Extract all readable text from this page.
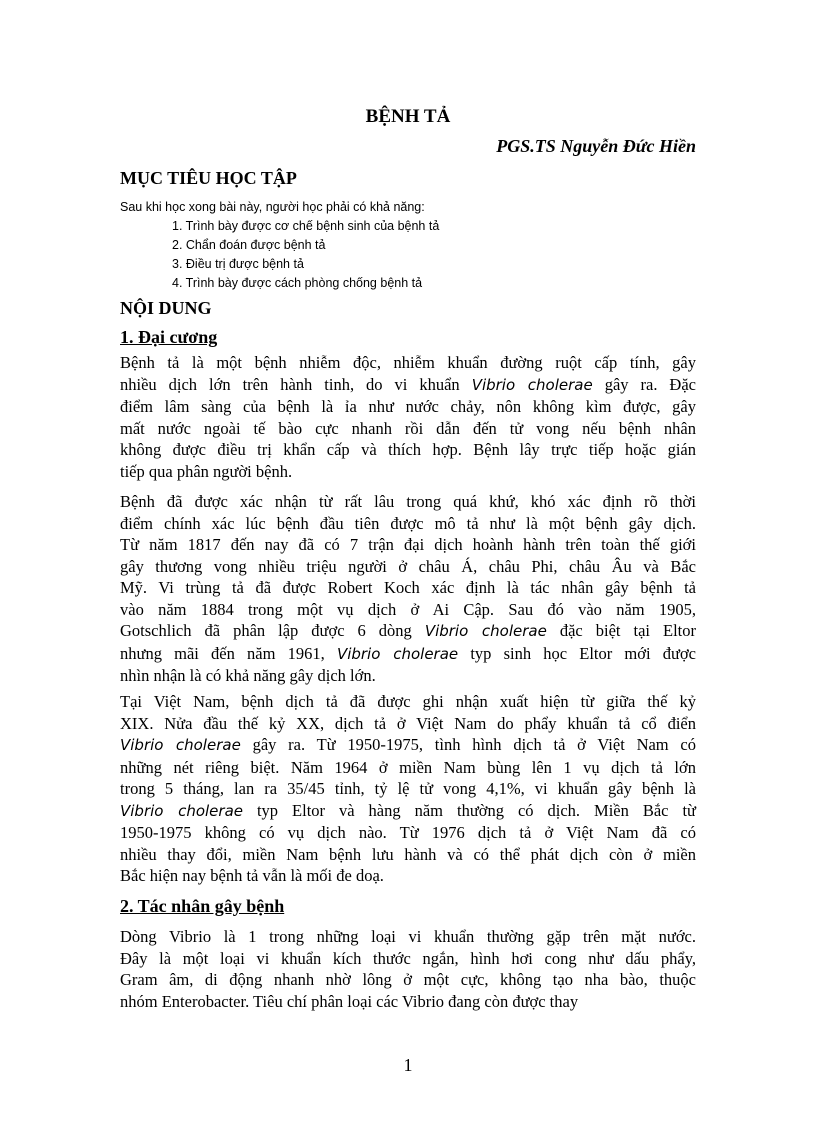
BỆNH TẢ
PGS.TS Nguyễn Đức Hiền
MỤC TIÊU HỌC TẬP
Sau khi học xong bài này, người học phải có khả năng:
1. Trình bày được cơ chế bệnh sinh của bệnh tả
2. Chẩn đoán được bệnh tả
3. Điều trị được bệnh tả
4. Trình bày được cách phòng chống bệnh tả
NỘI DUNG
1. Đại cương
Bệnh tả là một bệnh nhiễm độc, nhiễm khuẩn đường ruột cấp tính, gây
nhiều dịch lớn trên hành tinh, do vi khuẩn Vibrio cholerae gây ra. Đặc
điểm lâm sàng của bệnh là ỉa như nước chảy, nôn không kìm được, gây
mất nước ngoài tế bào cực nhanh rồi dẫn đến tử vong nếu bệnh nhân
không được điều trị khẩn cấp và thích hợp. Bệnh lây trực tiếp hoặc gián
tiếp qua phân người bệnh.
Bệnh đã được xác nhận từ rất lâu trong quá khứ, khó xác định rõ thời
điểm chính xác lúc bệnh đầu tiên được mô tả như là một bệnh gây dịch.
Từ năm 1817 đến nay đã có 7 trận đại dịch hoành hành trên toàn thế giới
gây thương vong nhiều triệu người ở châu Á, châu Phi, châu Âu và Bắc
Mỹ. Vi trùng tả đã được Robert Koch xác định là tác nhân gây bệnh tả
vào năm 1884 trong một vụ dịch ở Ai Cập. Sau đó vào năm 1905,
Gotschlich đã phân lập được 6 dòng Vibrio cholerae đặc biệt tại Eltor
nhưng mãi đến năm 1961, Vibrio cholerae typ sinh học Eltor mới được
nhìn nhận là có khả năng gây dịch lớn.
Tại Việt Nam, bệnh dịch tả đã được ghi nhận xuất hiện từ giữa thế kỷ
XIX. Nửa đầu thế kỷ XX, dịch tả ở Việt Nam do phẩy khuẩn tả cổ điển
Vibrio cholerae gây ra. Từ 1950-1975, tình hình dịch tả ở Việt Nam có
những nét riêng biệt. Năm 1964 ở miền Nam bùng lên 1 vụ dịch tả lớn
trong 5 tháng, lan ra 35/45 tỉnh, tỷ lệ tử vong 4,1%, vi khuẩn gây bệnh là
Vibrio cholerae typ Eltor và hàng năm thường có dịch. Miền Bắc từ
1950-1975 không có vụ dịch nào. Từ 1976 dịch tả ở Việt Nam đã có
nhiều thay đổi, miền Nam bệnh lưu hành và có thể phát dịch còn ở miền
Bắc hiện nay bệnh tả vẫn là mối đe doạ.
2. Tác nhân gây bệnh
Dòng Vibrio là 1 trong những loại vi khuẩn thường gặp trên mặt nước.
Đây là một loại vi khuẩn kích thước ngắn, hình hơi cong như dấu phẩy,
Gram âm, di động nhanh nhờ lông ở một cực, không tạo nha bào, thuộc
nhóm Enterobacter. Tiêu chí phân loại các Vibrio đang còn được thay
1
